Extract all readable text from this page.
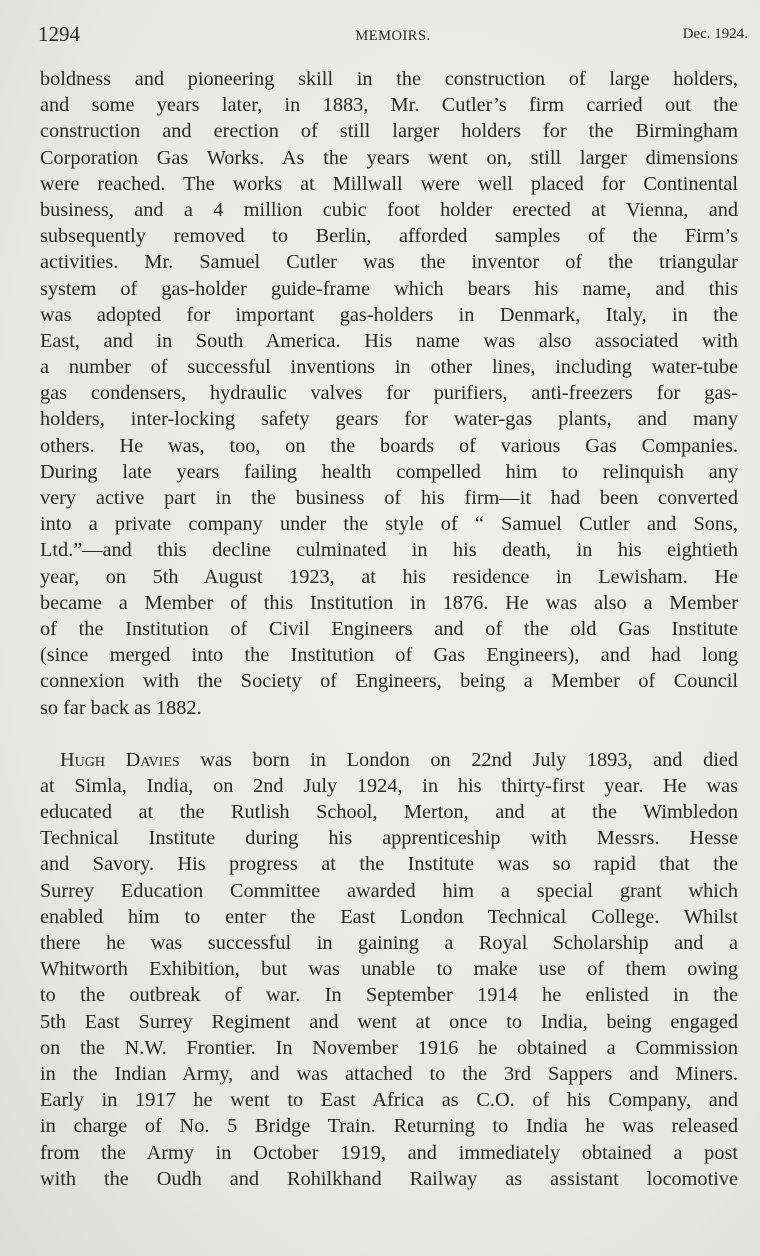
1294	MEMOIRS.	Dec. 1924.
boldness and pioneering skill in the construction of large holders,
and some years later, in 1883, Mr. Cutler’s firm carried out the
construction and erection of still larger holders for the Birmingham
Corporation Gas Works. As the years went on, still larger dimensions
were reached. The works at Millwall were well placed for Continental
business, and a 4 million cubic foot holder erected at Vienna, and
subsequently removed to Berlin, afforded samples of the Firm’s
activities. Mr. Samuel Cutler was the inventor of the triangular
system of gas-holder guide-frame which bears his name, and this
was adopted for important gas-holders in Denmark, Italy, in the
East, and in South America. His name was also associated with
a number of successful inventions in other lines, including water-tube
gas condensers, hydraulic valves for purifiers, anti-freezers for gas-
holders, inter-locking safety gears for water-gas plants, and many
others. He was, too, on the boards of various Gas Companies.
During late years failing health compelled him to relinquish any
very active part in the business of his firm—it had been converted
into a private company under the style of “ Samuel Cutler and Sons,
Ltd.”—and this decline culminated in his death, in his eightieth
year, on 5th August 1923, at his residence in Lewisham. He
became a Member of this Institution in 1876. He was also a Member
of the Institution of Civil Engineers and of the old Gas Institute
(since merged into the Institution of Gas Engineers), and had long
connexion with the Society of Engineers, being a Member of Council
so far back as 1882.
Hugh Davies was born in London on 22nd July 1893, and died
at Simla, India, on 2nd July 1924, in his thirty-first year. He was
educated at the Rutlish School, Merton, and at the Wimbledon
Technical Institute during his apprenticeship with Messrs. Hesse
and Savory. His progress at the Institute was so rapid that the
Surrey Education Committee awarded him a special grant which
enabled him to enter the East London Technical College. Whilst
there he was successful in gaining a Royal Scholarship and a
Whitworth Exhibition, but was unable to make use of them owing
to the outbreak of war. In September 1914 he enlisted in the
5th East Surrey Regiment and went at once to India, being engaged
on the N.W. Frontier. In November 1916 he obtained a Commission
in the Indian Army, and was attached to the 3rd Sappers and Miners.
Early in 1917 he went to East Africa as C.O. of his Company, and
in charge of No. 5 Bridge Train. Returning to India he was released
from the Army in October 1919, and immediately obtained a post
with the Oudh and Rohilkhand Railway as assistant locomotive
